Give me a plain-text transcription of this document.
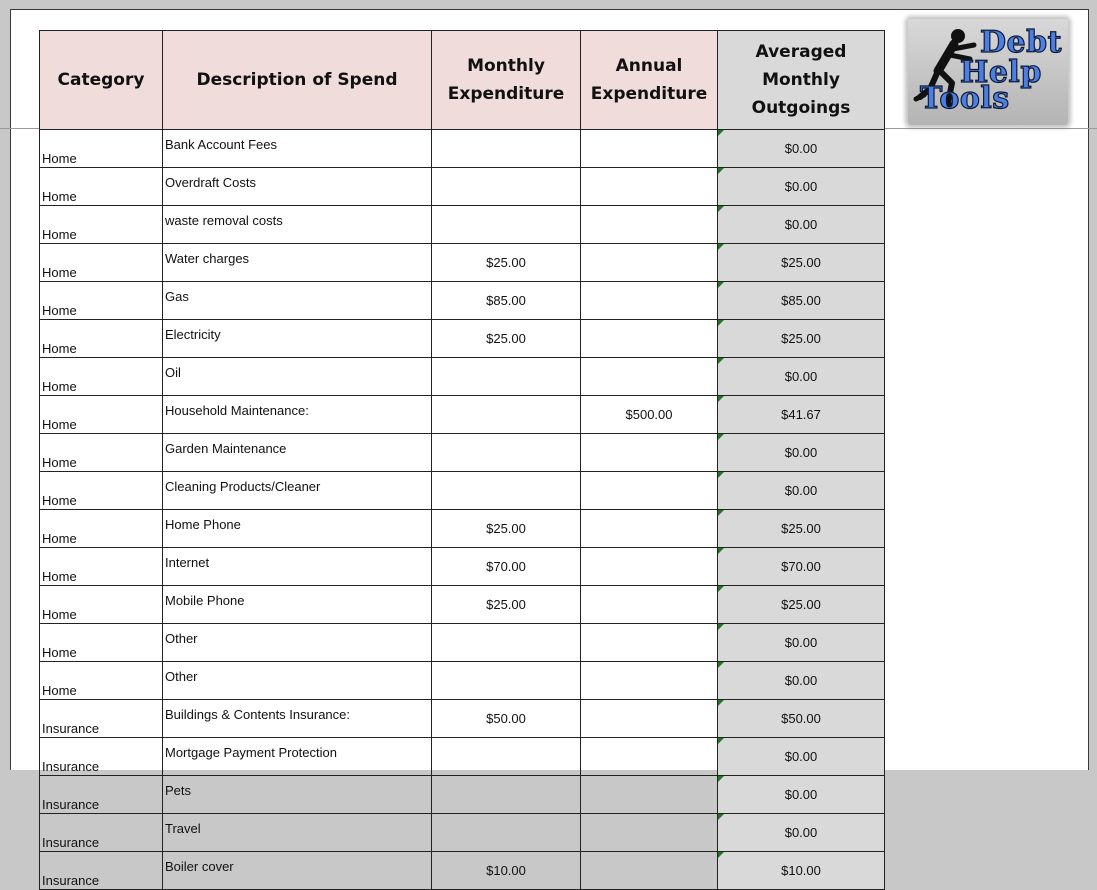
Category	Description of Spend	Monthly Expenditure	Annual Expenditure	Averaged Monthly Outgoings
Home	Bank Account Fees			$0.00
Home	Overdraft Costs			$0.00
Home	waste removal costs			$0.00
Home	Water charges	$25.00		$25.00
Home	Gas	$85.00		$85.00
Home	Electricity	$25.00		$25.00
Home	Oil			$0.00
Home	Household Maintenance:		$500.00	$41.67
Home	Garden Maintenance			$0.00
Home	Cleaning Products/Cleaner			$0.00
Home	Home Phone	$25.00		$25.00
Home	Internet	$70.00		$70.00
Home	Mobile Phone	$25.00		$25.00
Home	Other			$0.00
Home	Other			$0.00
Insurance	Buildings & Contents Insurance:	$50.00		$50.00
Insurance	Mortgage Payment Protection			$0.00
Insurance	Pets			$0.00
Insurance	Travel			$0.00
Insurance	Boiler cover	$10.00		$10.00
Debt
Help
Tools
